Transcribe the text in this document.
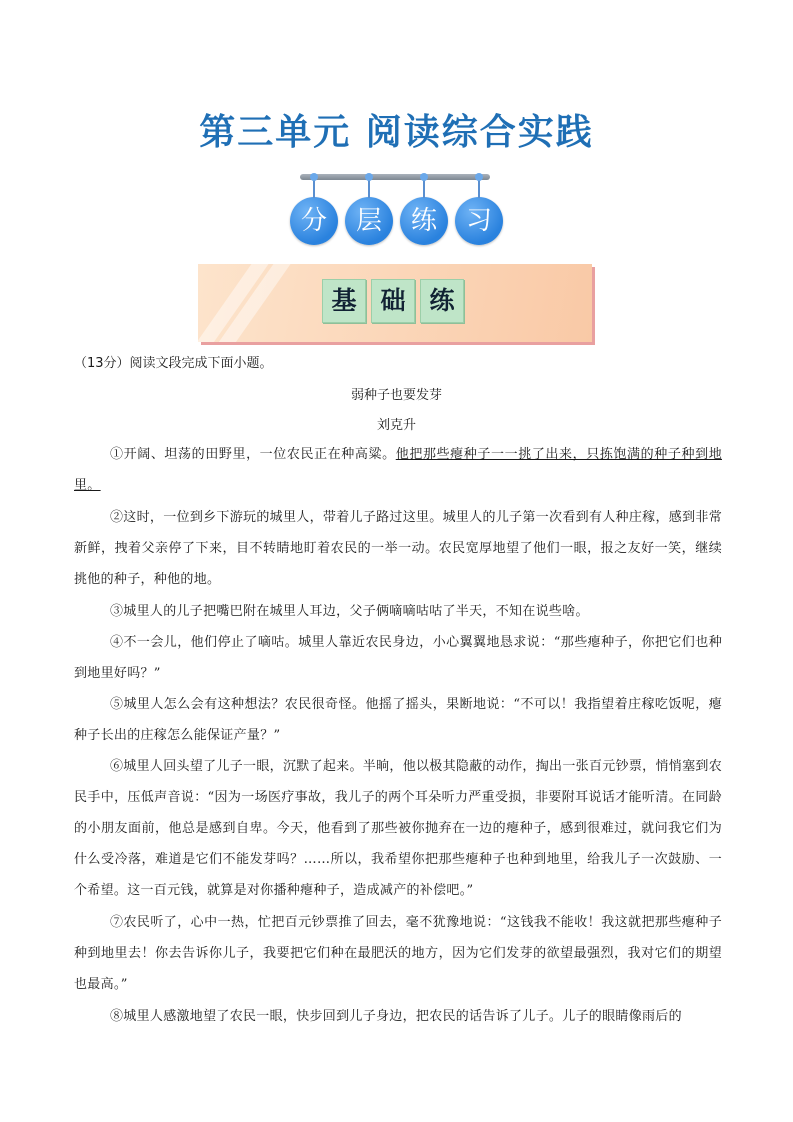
第三单元 阅读综合实践
分	层	练	习
基 础 练
（13分）阅读文段完成下面小题。
弱种子也要发芽
刘克升
①开阔、坦荡的田野里，一位农民正在种高粱。他把那些瘪种子一一挑了出来，只拣饱满的种子种到地里。
②这时，一位到乡下游玩的城里人，带着儿子路过这里。城里人的儿子第一次看到有人种庄稼，感到非常新鲜，拽着父亲停了下来，目不转睛地盯着农民的一举一动。农民宽厚地望了他们一眼，报之友好一笑，继续挑他的种子，种他的地。
③城里人的儿子把嘴巴附在城里人耳边，父子俩嘀嘀咕咕了半天，不知在说些啥。
④不一会儿，他们停止了嘀咕。城里人靠近农民身边，小心翼翼地恳求说：“那些瘪种子，你把它们也种到地里好吗？”
⑤城里人怎么会有这种想法？农民很奇怪。他摇了摇头，果断地说：“不可以！我指望着庄稼吃饭呢，瘪种子长出的庄稼怎么能保证产量？”
⑥城里人回头望了儿子一眼，沉默了起来。半晌，他以极其隐蔽的动作，掏出一张百元钞票，悄悄塞到农民手中，压低声音说：“因为一场医疗事故，我儿子的两个耳朵听力严重受损，非要附耳说话才能听清。在同龄的小朋友面前，他总是感到自卑。今天，他看到了那些被你抛弃在一边的瘪种子，感到很难过，就问我它们为什么受冷落，难道是它们不能发芽吗？……所以，我希望你把那些瘪种子也种到地里，给我儿子一次鼓励、一个希望。这一百元钱，就算是对你播种瘪种子，造成减产的补偿吧。”
⑦农民听了，心中一热，忙把百元钞票推了回去，毫不犹豫地说：“这钱我不能收！我这就把那些瘪种子种到地里去！你去告诉你儿子，我要把它们种在最肥沃的地方，因为它们发芽的欲望最强烈，我对它们的期望也最高。”
⑧城里人感激地望了农民一眼，快步回到儿子身边，把农民的话告诉了儿子。儿子的眼睛像雨后的
